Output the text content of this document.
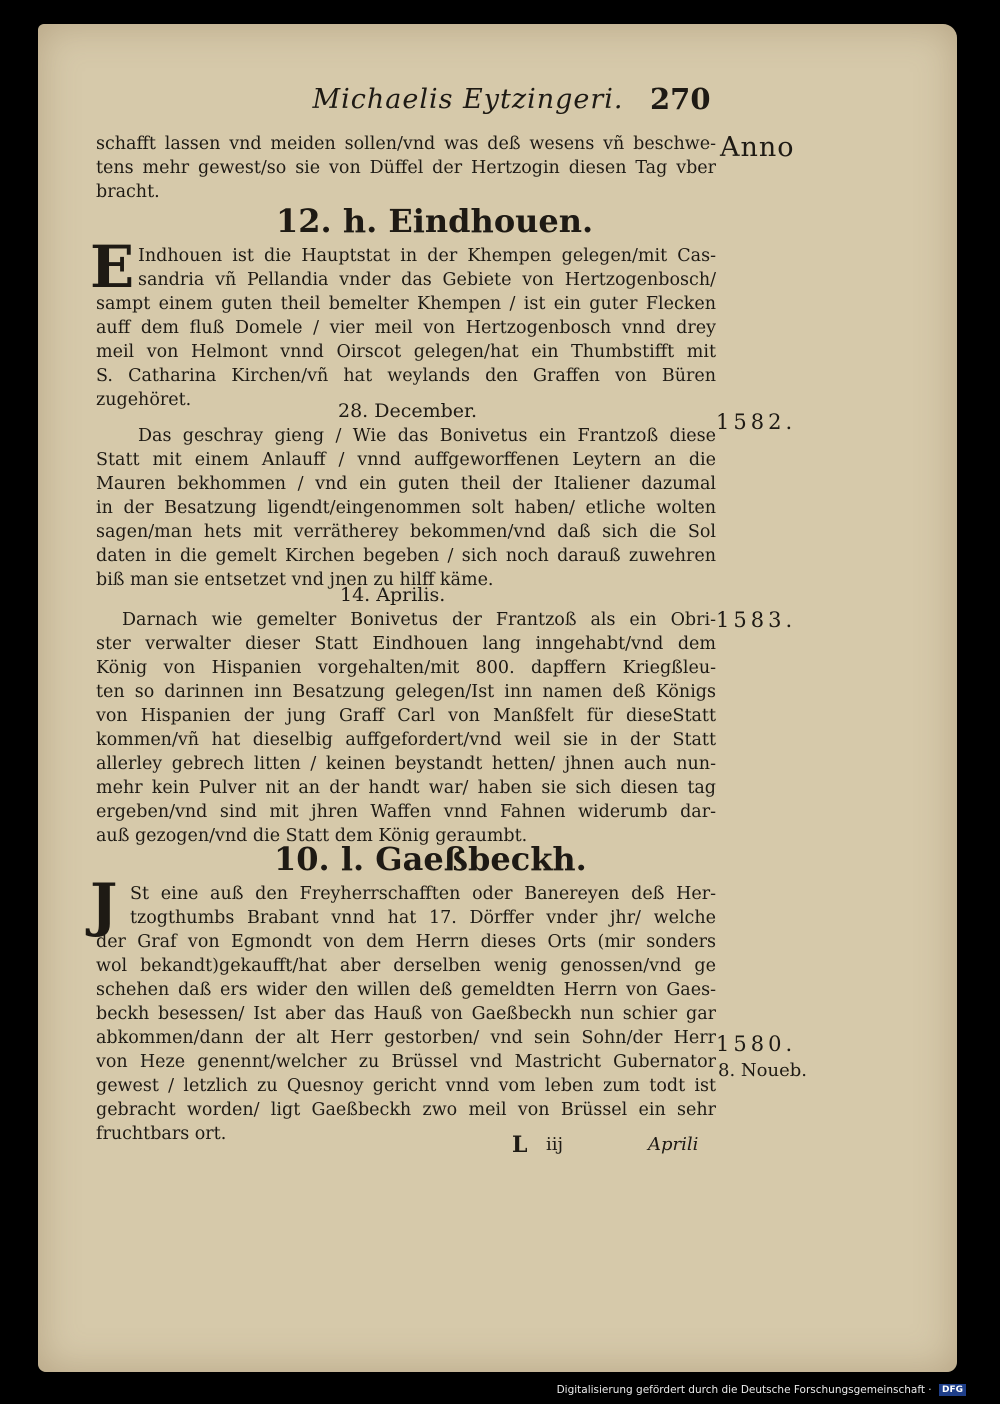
Michaelis Eytzingeri. 270
Anno
schafft lassen vnd meiden sollen/vnd was deß wesens vñ beschwe-
tens mehr gewest/so sie von Düffel der Hertzogin diesen Tag vber
bracht.
12. h. Eindhouen.
E Indhouen ist die Hauptstat in der Khempen gelegen/mit Cas-
sandria vñ Pellandia vnder das Gebiete von Hertzogenbosch/
sampt einem guten theil bemelter Khempen / ist ein guter Flecken
auff dem fluß Domele / vier meil von Hertzogenbosch vnnd drey
meil von Helmont vnnd Oirscot gelegen/hat ein Thumbstifft mit
S. Catharina Kirchen/vñ hat weylands den Graffen von Büren
zugehöret.	28. December.	1582.
Das geschray gieng / Wie das Bonivetus ein Frantzoß diese
Statt mit einem Anlauff / vnnd auffgeworffenen Leytern an die
Mauren bekhommen / vnd ein guten theil der Italiener dazumal
in der Besatzung ligendt/eingenommen solt haben/ etliche wolten
sagen/man hets mit verrätherey bekommen/vnd daß sich die Sol
daten in die gemelt Kirchen begeben / sich noch darauß zuwehren
biß man sie entsetzet vnd jnen zu hilff käme.
14. Aprilis.
1583.
Darnach wie gemelter Bonivetus der Frantzoß als ein Obri-
ster verwalter dieser Statt Eindhouen lang inngehabt/vnd dem
König von Hispanien vorgehalten/mit 800. dapffern Kriegßleu-
ten so darinnen inn Besatzung gelegen/Ist inn namen deß Königs
von Hispanien der jung Graff Carl von Manßfelt für dieseStatt
kommen/vñ hat dieselbig auffgefordert/vnd weil sie in der Statt
allerley gebrech litten / keinen beystandt hetten/ jhnen auch nun-
mehr kein Pulver nit an der handt war/ haben sie sich diesen tag
ergeben/vnd sind mit jhren Waffen vnnd Fahnen widerumb dar-
auß gezogen/vnd die Statt dem König geraumbt.
10. l. Gaeßbeckh.
J St eine auß den Freyherrschafften oder Banereyen deß Her-
tzogthumbs Brabant vnnd hat 17. Dörffer vnder jhr/ welche
der Graf von Egmondt von dem Herrn dieses Orts (mir sonders
wol bekandt)gekaufft/hat aber derselben wenig genossen/vnd ge
schehen daß ers wider den willen deß gemeldten Herrn von Gaes-
beckh besessen/ Ist aber das Hauß von Gaeßbeckh nun schier gar
abkommen/dann der alt Herr gestorben/ vnd sein Sohn/der Herr
von Heze genennt/welcher zu Brüssel vnd Mastricht Gubernator
gewest / letzlich zu Quesnoy gericht vnnd vom leben zum todt ist
gebracht worden/ ligt Gaeßbeckh zwo meil von Brüssel ein sehr
fruchtbars ort.
1580.
8. Noueb.
L iij	Aprili
Digitalisierung gefördert durch die Deutsche Forschungsgemeinschaft · DFG
